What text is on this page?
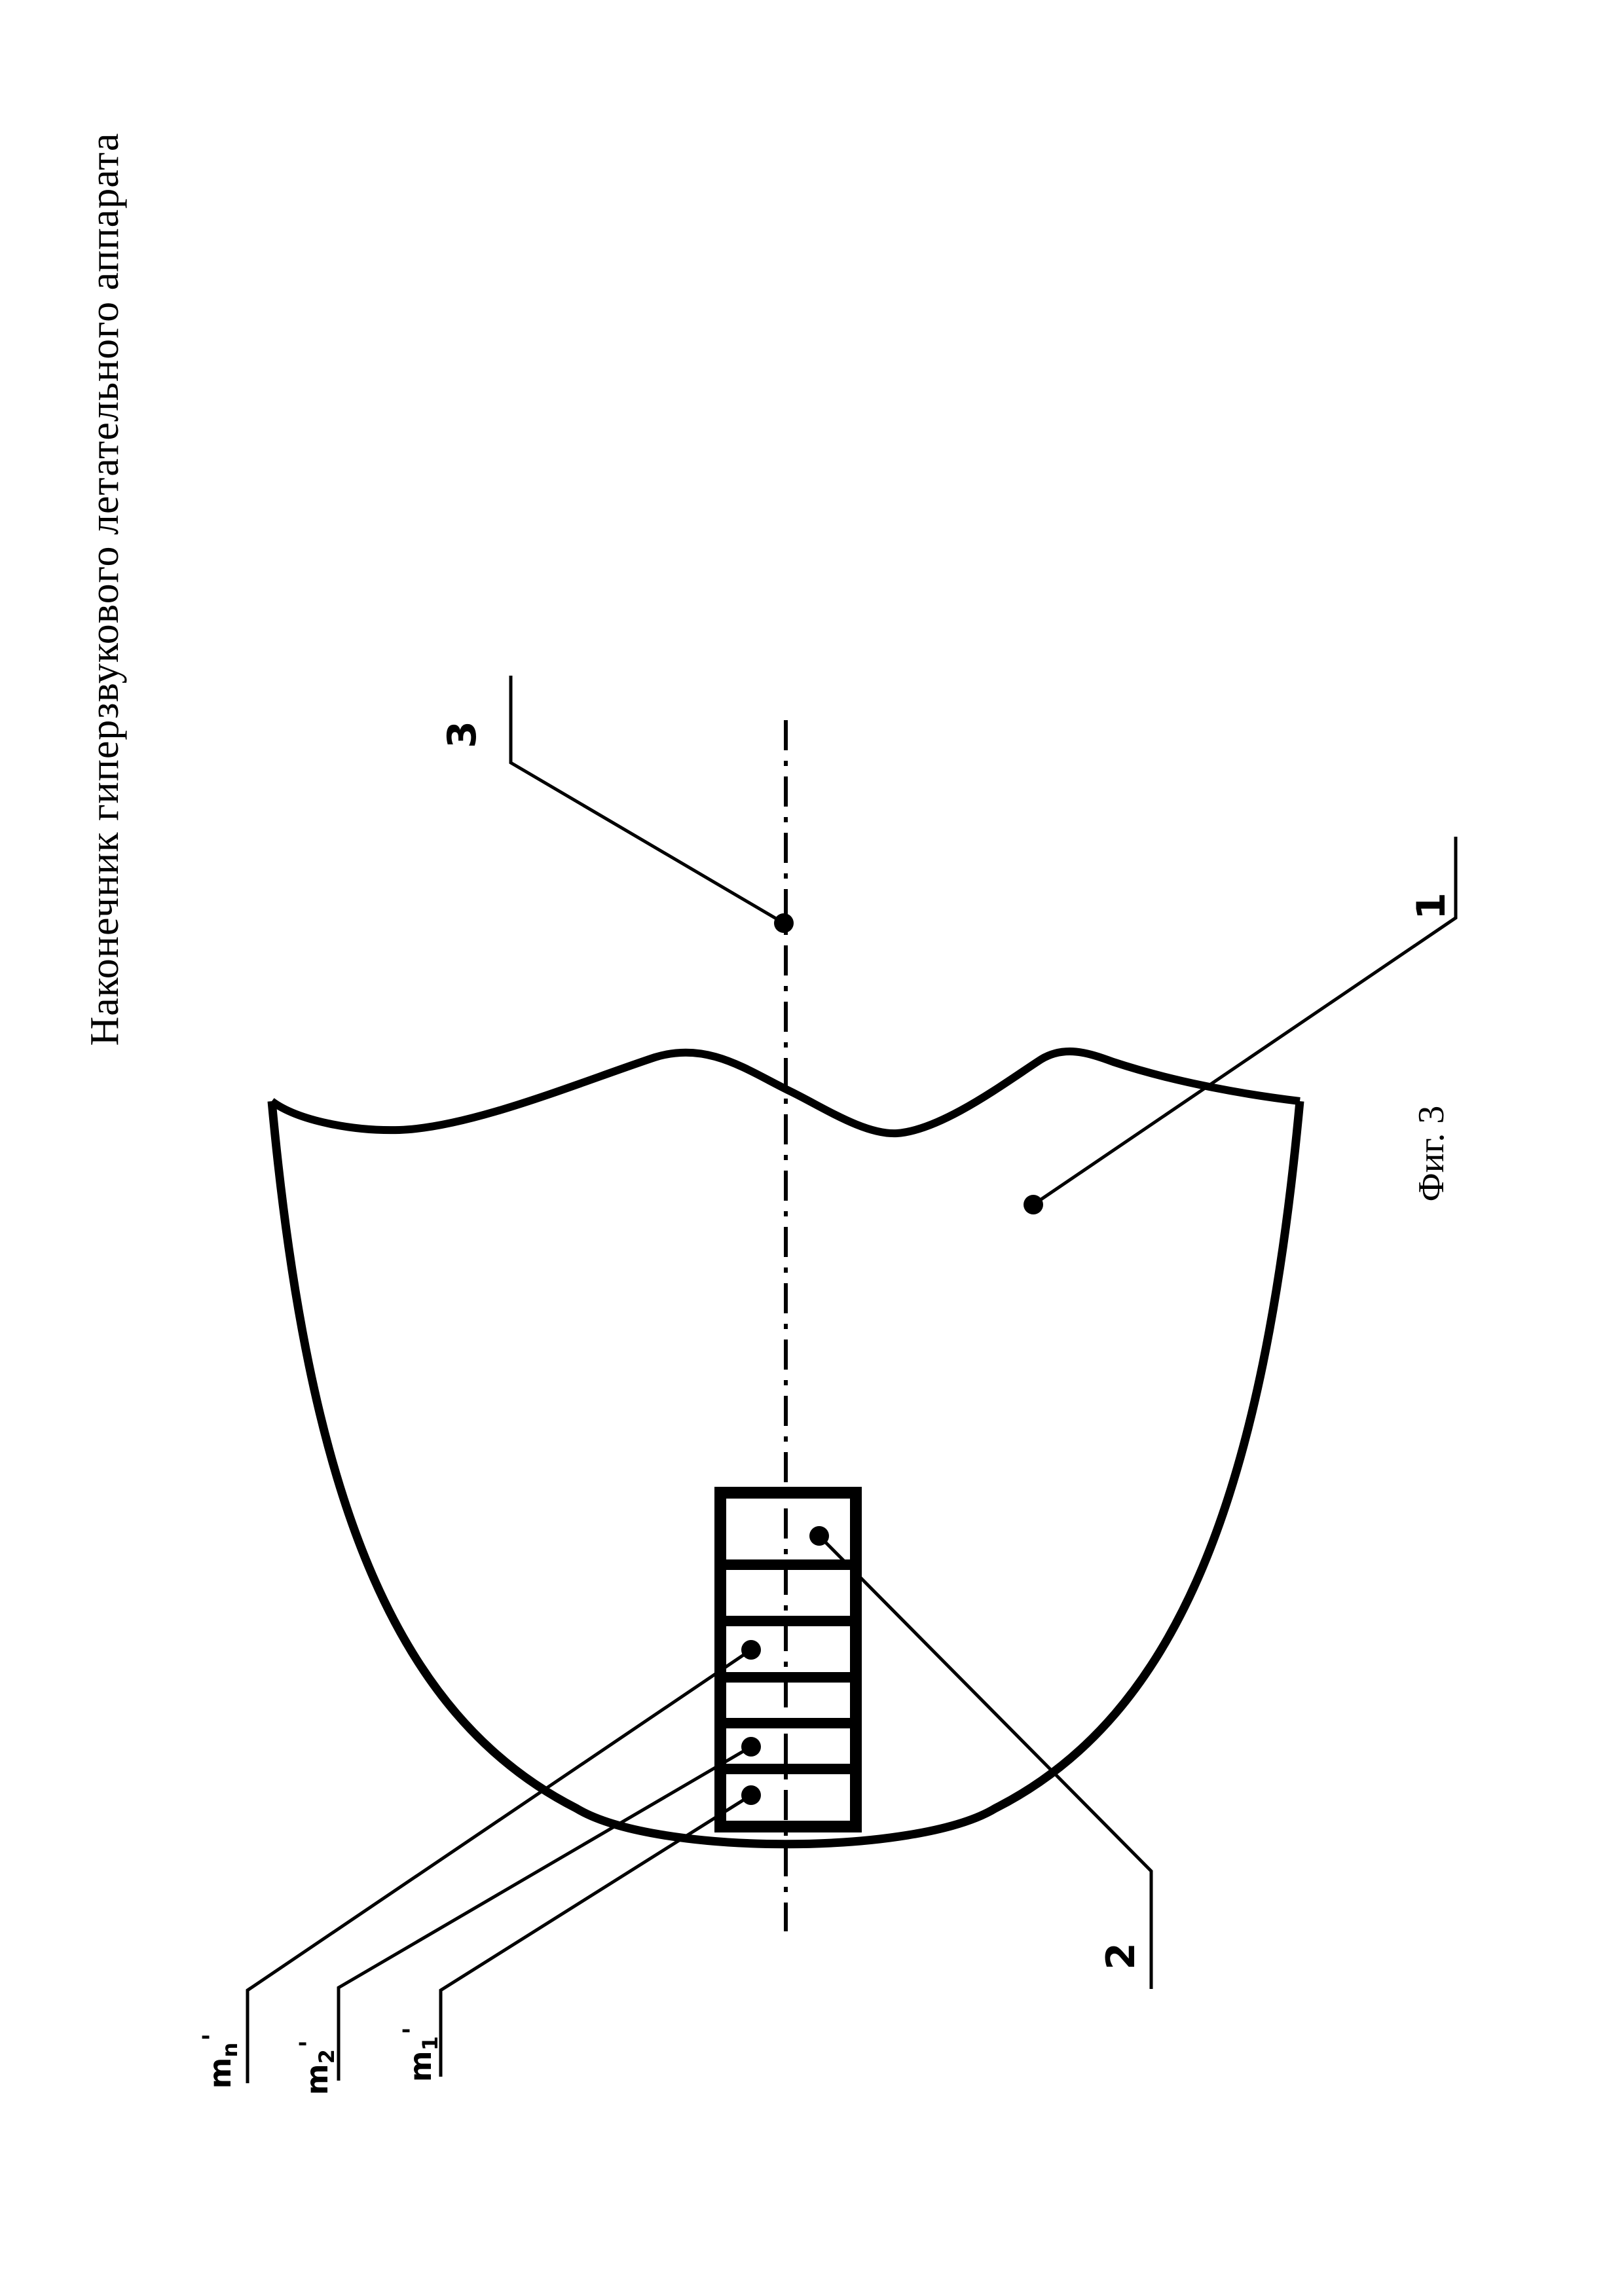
Наконечник гиперзвукового летательного аппарата
Фиг. 3
3
1
2
$m_n'$
$m_2'$
$m_1'$
